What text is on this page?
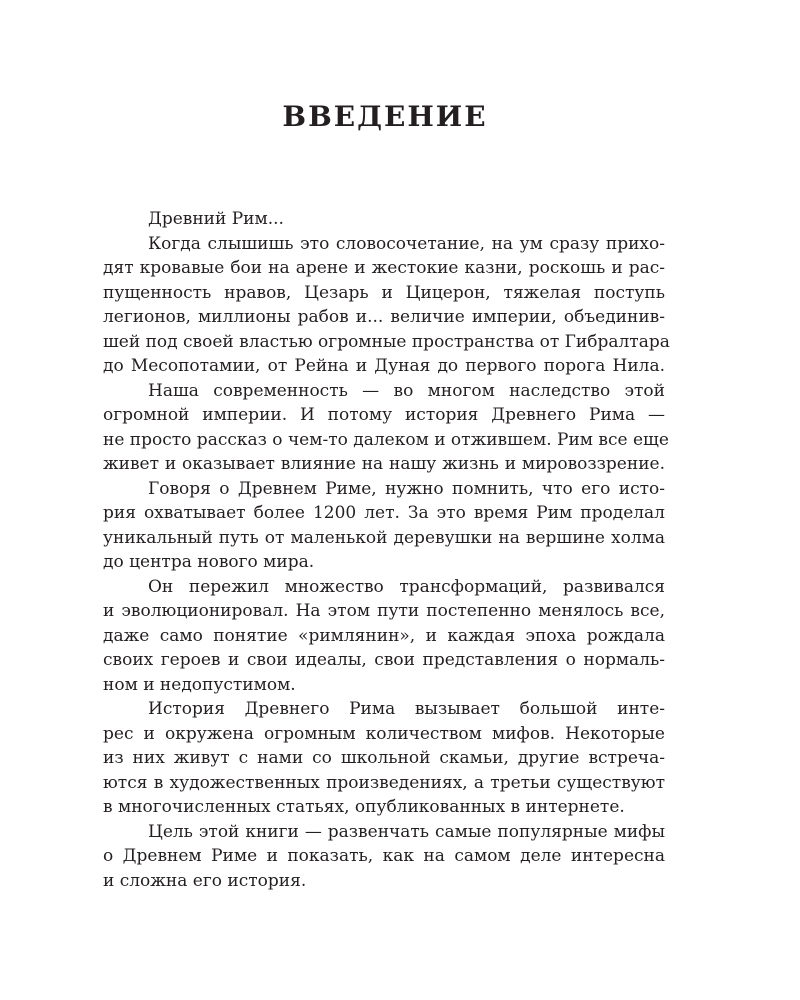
ВВЕДЕНИЕ

Древний Рим...

Когда слышишь это словосочетание, на ум сразу прихо-
дят кровавые бои на арене и жестокие казни, роскошь и рас-
пущенность нравов, Цезарь и Цицерон, тяжелая поступь
легионов, миллионы рабов и... величие империи, объединив-
шей под своей властью огромные пространства от Гибралтара
до Месопотамии, от Рейна и Дуная до первого порога Нила.

Наша современность — во многом наследство этой
огромной империи. И потому история Древнего Рима —
не просто рассказ о чем-то далеком и отжившем. Рим все еще
живет и оказывает влияние на нашу жизнь и мировоззрение.

Говоря о Древнем Риме, нужно помнить, что его исто-
рия охватывает более 1200 лет. За это время Рим проделал
уникальный путь от маленькой деревушки на вершине холма
до центра нового мира.

Он пережил множество трансформаций, развивался
и эволюционировал. На этом пути постепенно менялось все,
даже само понятие «римлянин», и каждая эпоха рождала
своих героев и свои идеалы, свои представления о нормаль-
ном и недопустимом.

История Древнего Рима вызывает большой инте-
рес и окружена огромным количеством мифов. Некоторые
из них живут с нами со школьной скамьи, другие встреча-
ются в художественных произведениях, а третьи существуют
в многочисленных статьях, опубликованных в интернете.

Цель этой книги — развенчать самые популярные мифы
о Древнем Риме и показать, как на самом деле интересна
и сложна его история.
